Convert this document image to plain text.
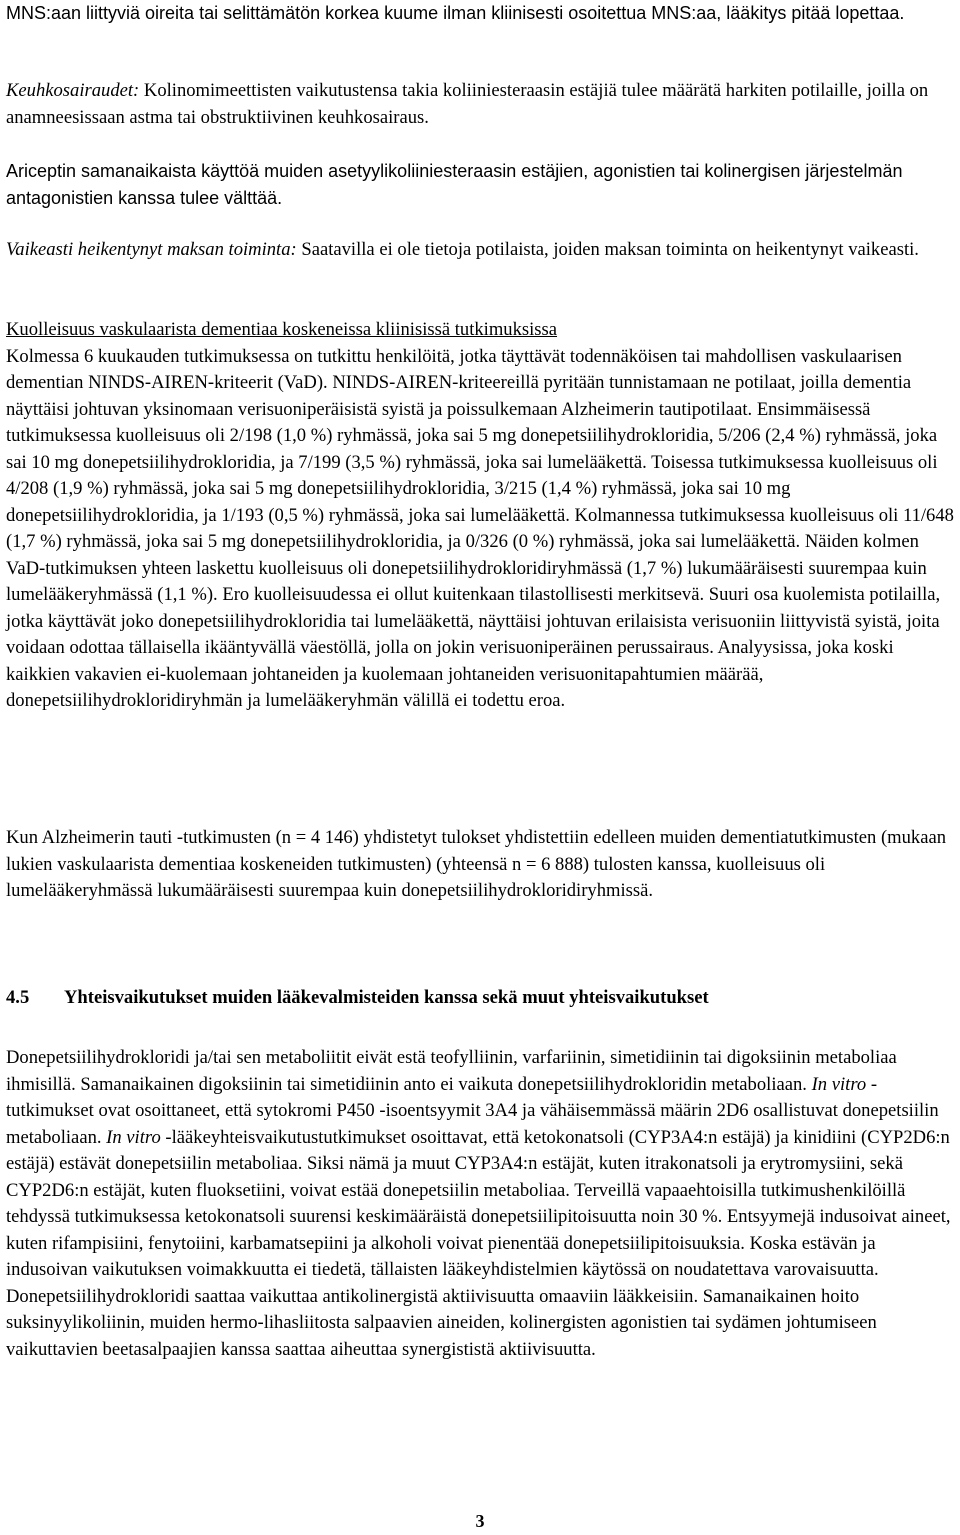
MNS:aan liittyviä oireita tai selittämätön korkea kuume ilman kliinisesti osoitettua MNS:aa, lääkitys pitää lopettaa.

Keuhkosairaudet: Kolinomimeettisten vaikutustensa takia koliiniesteraasin estäjiä tulee määrätä harkiten potilaille, joilla on anamneesissaan astma tai obstruktiivinen keuhkosairaus.

Ariceptin samanaikaista käyttöä muiden asetyylikoliiniesteraasin estäjien, agonistien tai kolinergisen järjestelmän antagonistien kanssa tulee välttää.

Vaikeasti heikentynyt maksan toiminta: Saatavilla ei ole tietoja potilaista, joiden maksan toiminta on heikentynyt vaikeasti.

Kuolleisuus vaskulaarista dementiaa koskeneissa kliinisissä tutkimuksissa
Kolmessa 6 kuukauden tutkimuksessa on tutkittu henkilöitä, jotka täyttävät todennäköisen tai mahdollisen vaskulaarisen dementian NINDS-AIREN-kriteerit (VaD). NINDS-AIREN-kriteereillä pyritään tunnistamaan ne potilaat, joilla dementia näyttäisi johtuvan yksinomaan verisuoniperäisistä syistä ja poissulkemaan Alzheimerin tautipotilaat. Ensimmäisessä tutkimuksessa kuolleisuus oli 2/198 (1,0 %) ryhmässä, joka sai 5 mg donepetsiilihydrokloridia, 5/206 (2,4 %) ryhmässä, joka sai 10 mg donepetsiilihydrokloridia, ja 7/199 (3,5 %) ryhmässä, joka sai lumelääkettä. Toisessa tutkimuksessa kuolleisuus oli 4/208 (1,9 %) ryhmässä, joka sai 5 mg donepetsiilihydrokloridia, 3/215 (1,4 %) ryhmässä, joka sai 10 mg donepetsiilihydrokloridia, ja 1/193 (0,5 %) ryhmässä, joka sai lumelääkettä. Kolmannessa tutkimuksessa kuolleisuus oli 11/648 (1,7 %) ryhmässä, joka sai 5 mg donepetsiilihydrokloridia, ja 0/326 (0 %) ryhmässä, joka sai lumelääkettä. Näiden kolmen VaD-tutkimuksen yhteen laskettu kuolleisuus oli donepetsiilihydrokloridiryhmässä (1,7 %) lukumääräisesti suurempaa kuin lumelääkeryhmässä (1,1 %). Ero kuolleisuudessa ei ollut kuitenkaan tilastollisesti merkitsevä. Suuri osa kuolemista potilailla, jotka käyttävät joko donepetsiilihydrokloridia tai lumelääkettä, näyttäisi johtuvan erilaisista verisuoniin liittyvistä syistä, joita voidaan odottaa tällaisella ikääntyvällä väestöllä, jolla on jokin verisuoniperäinen perussairaus. Analyysissa, joka koski kaikkien vakavien ei-kuolemaan johtaneiden ja kuolemaan johtaneiden verisuonitapahtumien määrää, donepetsiilihydrokloridiryhmän ja lumelääkeryhmän välillä ei todettu eroa.

Kun Alzheimerin tauti -tutkimusten (n = 4 146) yhdistetyt tulokset yhdistettiin edelleen muiden dementiatutkimusten (mukaan lukien vaskulaarista dementiaa koskeneiden tutkimusten) (yhteensä n = 6 888) tulosten kanssa, kuolleisuus oli lumelääkeryhmässä lukumääräisesti suurempaa kuin donepetsiilihydrokloridiryhmissä.

4.5 Yhteisvaikutukset muiden lääkevalmisteiden kanssa sekä muut yhteisvaikutukset

Donepetsiilihydrokloridi ja/tai sen metaboliitit eivät estä teofylliinin, varfariinin, simetidiinin tai digoksiinin metaboliaa ihmisillä. Samanaikainen digoksiinin tai simetidiinin anto ei vaikuta donepetsiilihydrokloridin metaboliaan. In vitro -tutkimukset ovat osoittaneet, että sytokromi P450 -isoentsyymit 3A4 ja vähäisemmässä määrin 2D6 osallistuvat donepetsiilin metaboliaan. In vitro -lääkeyhteisvaikutustutkimukset osoittavat, että ketokonatsoli (CYP3A4:n estäjä) ja kinidiini (CYP2D6:n estäjä) estävät donepetsiilin metaboliaa. Siksi nämä ja muut CYP3A4:n estäjät, kuten itrakonatsoli ja erytromysiini, sekä CYP2D6:n estäjät, kuten fluoksetiini, voivat estää donepetsiilin metaboliaa. Terveillä vapaaehtoisilla tutkimushenkilöillä tehdyssä tutkimuksessa ketokonatsoli suurensi keskimääräistä donepetsiilipitoisuutta noin 30 %. Entsyymejä indusoivat aineet, kuten rifampisiini, fenytoiini, karbamatsepiini ja alkoholi voivat pienentää donepetsiilipitoisuuksia. Koska estävän ja indusoivan vaikutuksen voimakkuutta ei tiedetä, tällaisten lääkeyhdistelmien käytössä on noudatettava varovaisuutta. Donepetsiilihydrokloridi saattaa vaikuttaa antikolinergistä aktiivisuutta omaaviin lääkkeisiin. Samanaikainen hoito suksinyylikoliinin, muiden hermo-lihasliitosta salpaavien aineiden, kolinergisten agonistien tai sydämen johtumiseen vaikuttavien beetasalpaajien kanssa saattaa aiheuttaa synergististä aktiivisuutta.

3
